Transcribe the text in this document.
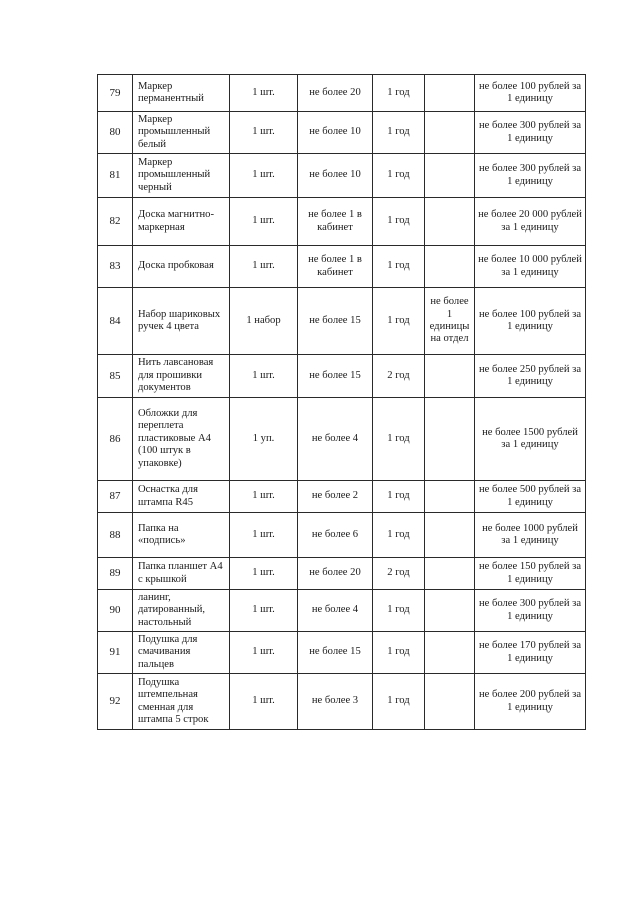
79	Маркер перманентный	1 шт.	не более 20	1 год		не более 100 рублей за 1 единицу
80	Маркер промышленный белый	1 шт.	не более 10	1 год		не более 300 рублей за 1 единицу
81	Маркер промышленный черный	1 шт.	не более 10	1 год		не более 300 рублей за 1 единицу
82	Доска магнитно-маркерная	1 шт.	не более 1 в кабинет	1 год		не более 20 000 рублей за 1 единицу
83	Доска пробковая	1 шт.	не более 1 в кабинет	1 год		не более 10 000 рублей за 1 единицу
84	Набор шариковых ручек 4 цвета	1 набор	не более 15	1 год	не более 1 единицы на отдел	не более 100 рублей за 1 единицу
85	Нить лавсановая для прошивки документов	1 шт.	не более 15	2 год		не более 250 рублей за 1 единицу
86	Обложки для переплета пластиковые А4 (100 штук в упаковке)	1 уп.	не более 4	1 год		не более 1500 рублей за 1 единицу
87	Оснастка для штампа R45	1 шт.	не более 2	1 год		не более 500 рублей за 1 единицу
88	Папка на «подпись»	1 шт.	не более 6	1 год		не более 1000 рублей за 1 единицу
89	Папка планшет А4 с крышкой	1 шт.	не более 20	2 год		не более 150 рублей за 1 единицу
90	ланинг, датированный, настольный	1 шт.	не более 4	1 год		не более 300 рублей за 1 единицу
91	Подушка для смачивания пальцев	1 шт.	не более 15	1 год		не более 170 рублей за 1 единицу
92	Подушка штемпельная сменная для штампа 5 строк	1 шт.	не более 3	1 год		не более 200 рублей за 1 единицу
